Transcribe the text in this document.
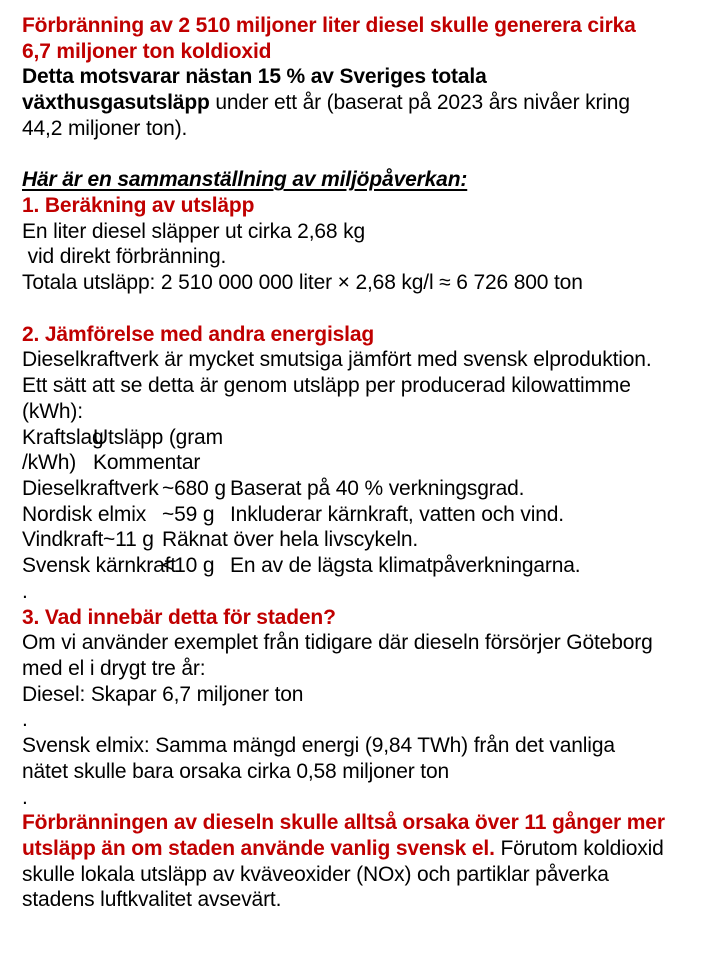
Förbränning av 2 510 miljoner liter diesel skulle generera cirka
6,7 miljoner ton koldioxid
Detta motsvarar nästan 15 % av Sveriges totala
växthusgasutsläpp under ett år (baserat på 2023 års nivåer kring
44,2 miljoner ton).
Här är en sammanställning av miljöpåverkan:
1. Beräkning av utsläpp
En liter diesel släpper ut cirka 2,68 kg
vid direkt förbränning.
Totala utsläpp: 2 510 000 000 liter × 2,68 kg/l ≈ 6 726 800 ton
2. Jämförelse med andra energislag
Dieselkraftverk är mycket smutsiga jämfört med svensk elproduktion.
Ett sätt att se detta är genom utsläpp per producerad kilowattimme
(kWh):
Kraftslag
Utsläpp (gram
/kWh) Kommentar
Dieselkraftverk ~680 g Baserat på 40 % verkningsgrad.
Nordisk elmix ~59 g Inkluderar kärnkraft, vatten och vind.
Vindkraft ~11 g Räknat över hela livscykeln.
Svensk kärnkraft
<10 g En av de lägsta klimatpåverkningarna.
.
3. Vad innebär detta för staden?
Om vi använder exemplet från tidigare där dieseln försörjer Göteborg
med el i drygt tre år:
Diesel: Skapar 6,7 miljoner ton
.
Svensk elmix: Samma mängd energi (9,84 TWh) från det vanliga
nätet skulle bara orsaka cirka 0,58 miljoner ton
.
Förbränningen av dieseln skulle alltså orsaka över 11 gånger mer
utsläpp än om staden använde vanlig svensk el. Förutom koldioxid
skulle lokala utsläpp av kväveoxider (NOx) och partiklar påverka
stadens luftkvalitet avsevärt.
